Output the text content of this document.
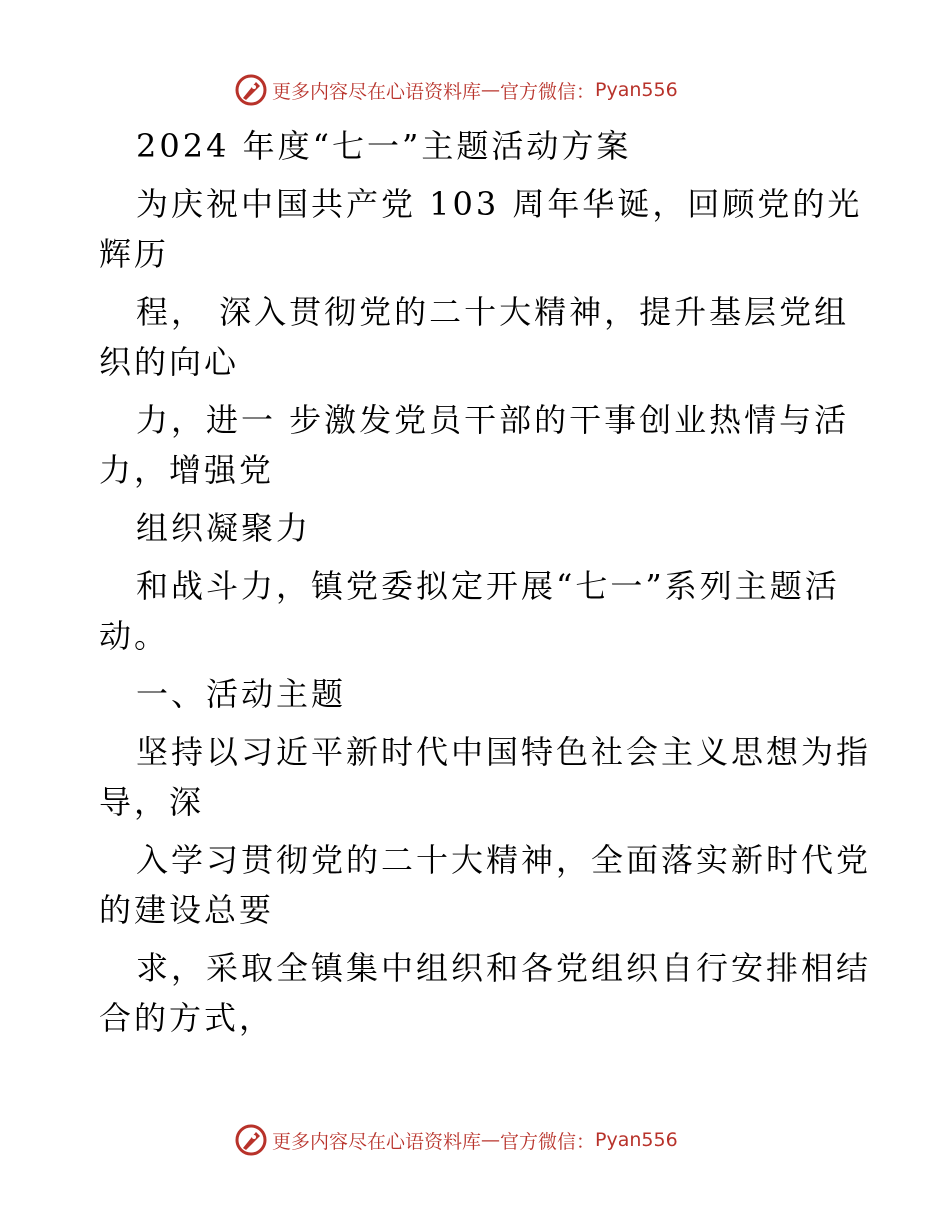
更多内容尽在心语资料库 — 官方微信： Pyan556
2024 年度“七一”主题活动方案
为庆祝中国共产党 103 周年华诞，回顾党的光
辉历
程， 深入贯彻党的二十大精神，提升基层党组
织的向心
力，进一 步激发党员干部的干事创业热情与活
力，增强党
组织凝聚力
和战斗力，镇党委拟定开展“七一”系列主题活
动。
一、活动主题
坚持以习近平新时代中国特色社会主义思想为指
导，深
入学习贯彻党的二十大精神，全面落实新时代党
的建设总要
求，采取全镇集中组织和各党组织自行安排相结
合的方式，
更多内容尽在心语资料库 — 官方微信： Pyan556
